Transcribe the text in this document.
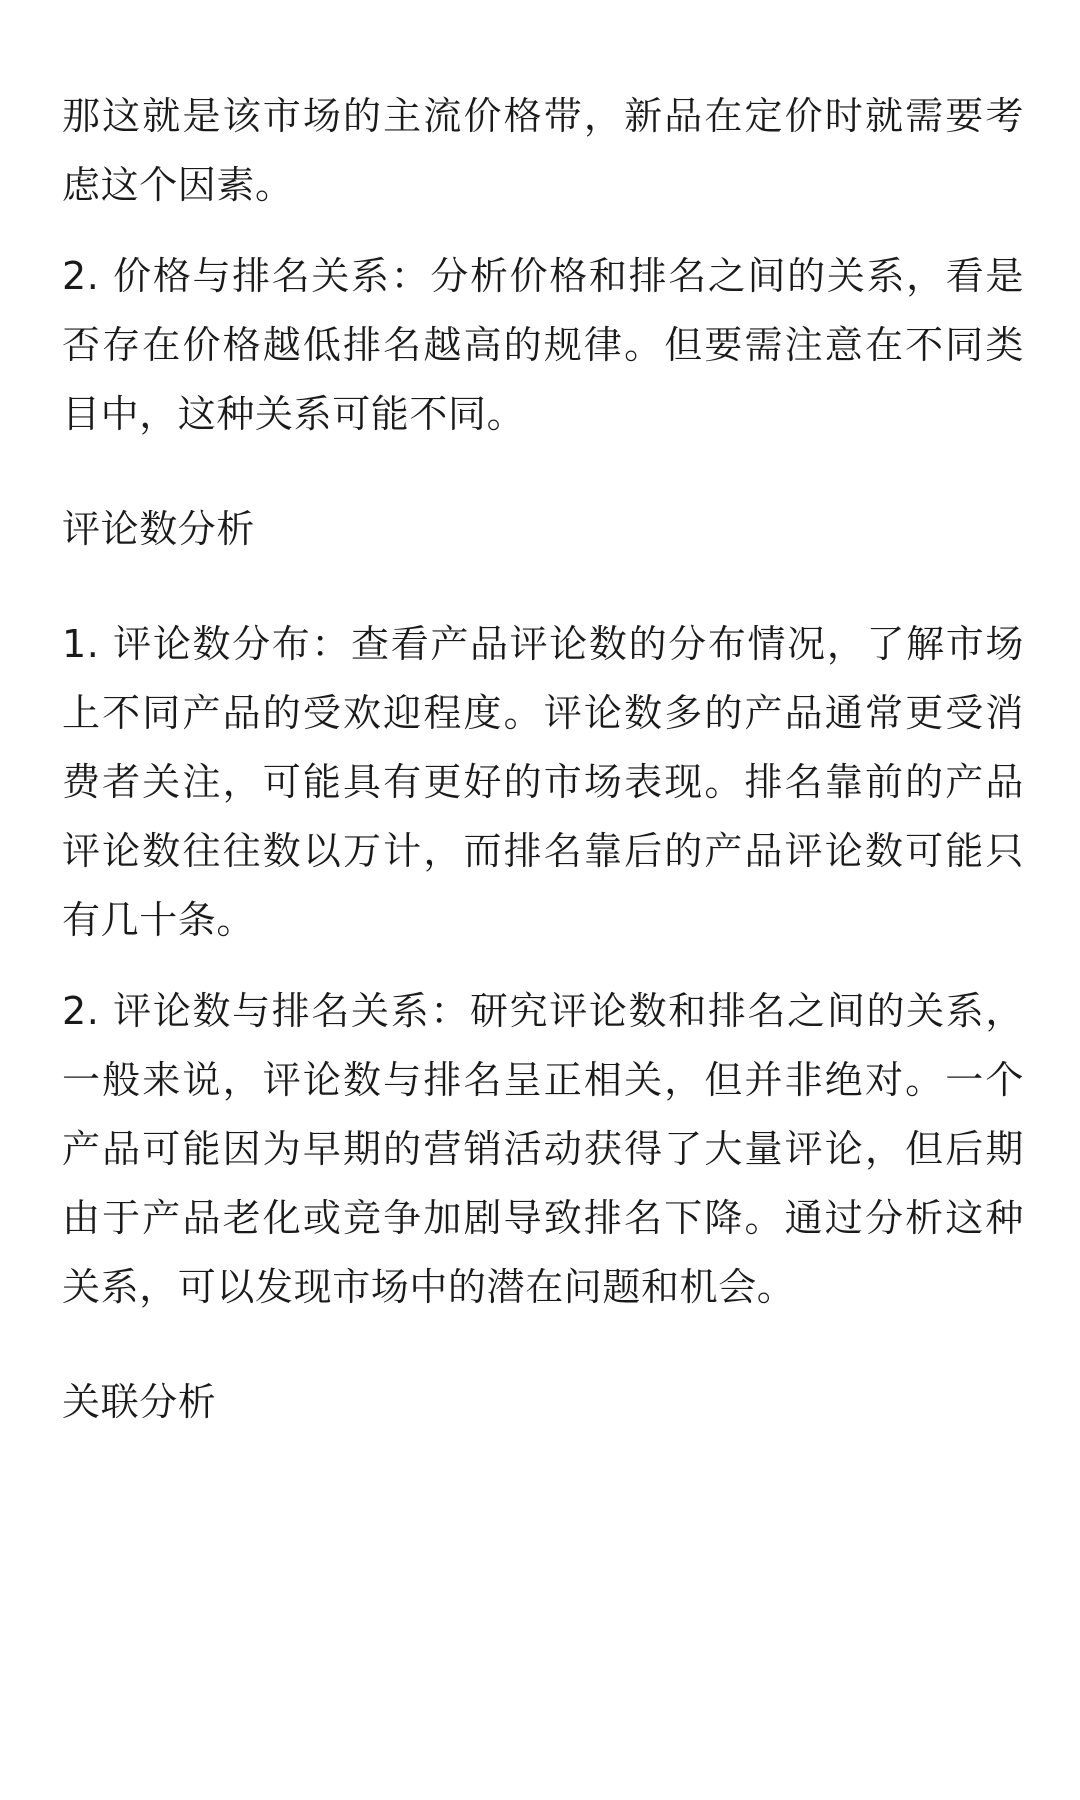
那这就是该市场的主流价格带，新品在定价时就需要考虑这个因素。

2. 价格与排名关系：分析价格和排名之间的关系，看是否存在价格越低排名越高的规律。但要需注意在不同类目中，这种关系可能不同。

评论数分析

1. 评论数分布：查看产品评论数的分布情况，了解市场上不同产品的受欢迎程度。评论数多的产品通常更受消费者关注，可能具有更好的市场表现。排名靠前的产品评论数往往数以万计，而排名靠后的产品评论数可能只有几十条。

2. 评论数与排名关系：研究评论数和排名之间的关系，一般来说，评论数与排名呈正相关，但并非绝对。一个产品可能因为早期的营销活动获得了大量评论，但后期由于产品老化或竞争加剧导致排名下降。通过分析这种关系，可以发现市场中的潜在问题和机会。

关联分析
